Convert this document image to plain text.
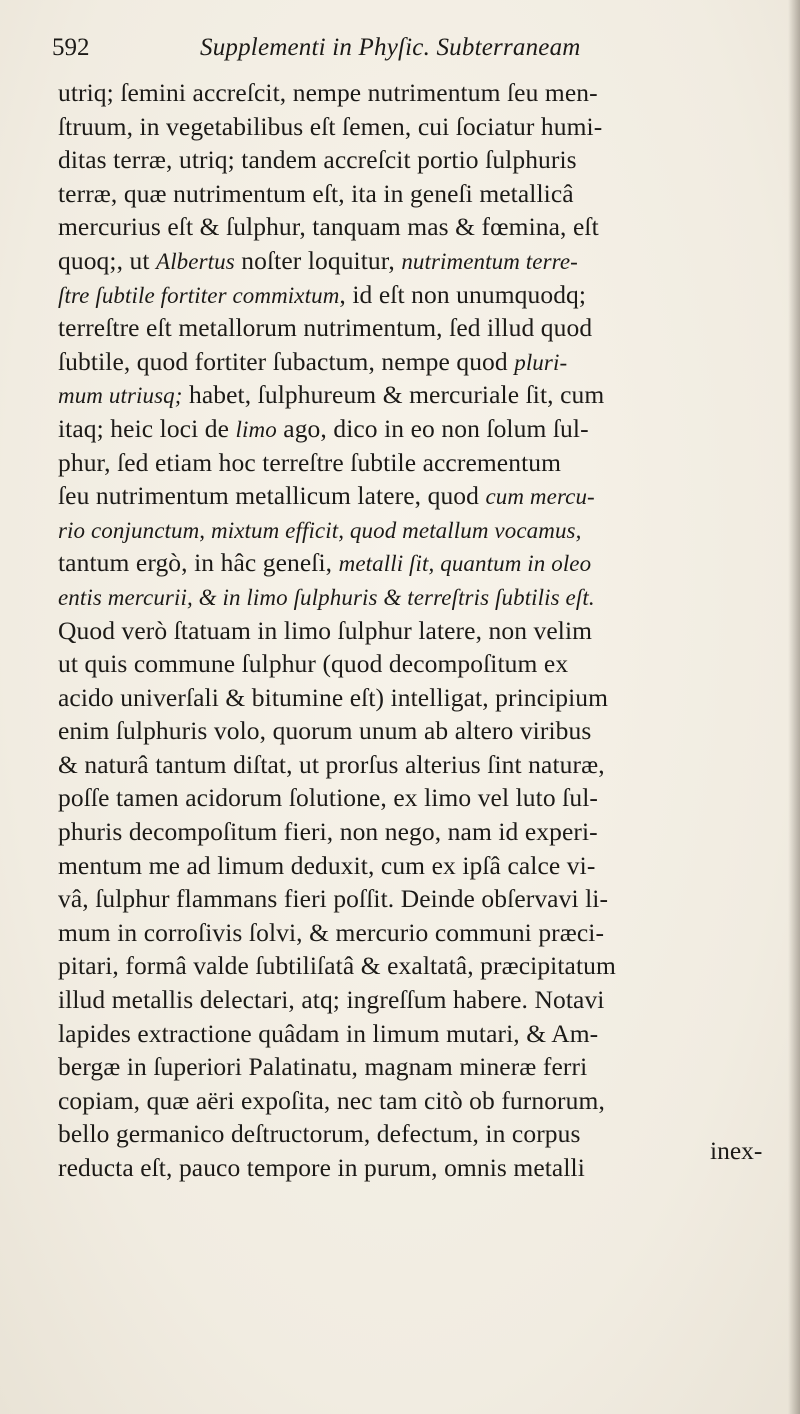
592	Supplementi in Phyſic. Subterraneam
utriq; ſemini accreſcit, nempe nutrimentum ſeu men-
ſtruum, in vegetabilibus eſt ſemen, cui ſociatur humi-
ditas terræ, utriq; tandem accreſcit portio ſulphuris
terræ, quæ nutrimentum eſt, ita in geneſi metallicâ
mercurius eſt & ſulphur, tanquam mas & fœmina, eſt
quoq;, ut Albertus noſter loquitur, nutrimentum terre-
ſtre ſubtile fortiter commixtum, id eſt non unumquodq;
terreſtre eſt metallorum nutrimentum, ſed illud quod
ſubtile, quod fortiter ſubactum, nempe quod pluri-
mum utriusq; habet, ſulphureum & mercuriale ſit, cum
itaq; heic loci de limo ago, dico in eo non ſolum ſul-
phur, ſed etiam hoc terreſtre ſubtile accrementum
ſeu nutrimentum metallicum latere, quod cum mercu-
rio conjunctum, mixtum efficit, quod metallum vocamus,
tantum ergò, in hâc geneſi, metalli ſit, quantum in oleo
entis mercurii, & in limo ſulphuris & terreſtris ſubtilis eſt.
Quod verò ſtatuam in limo ſulphur latere, non velim
ut quis commune ſulphur (quod decompoſitum ex
acido univerſali & bitumine eſt) intelligat, principium
enim ſulphuris volo, quorum unum ab altero viribus
& naturâ tantum diſtat, ut prorſus alterius ſint naturæ,
poſſe tamen acidorum ſolutione, ex limo vel luto ſul-
phuris decompoſitum fieri, non nego, nam id experi-
mentum me ad limum deduxit, cum ex ipſâ calce vi-
vâ, ſulphur flammans fieri poſſit. Deinde obſervavi li-
mum in corroſivis ſolvi, & mercurio communi præci-
pitari, formâ valde ſubtiliſatâ & exaltatâ, præcipitatum
illud metallis delectari, atq; ingreſſum habere. Notavi
lapides extractione quâdam in limum mutari, & Am-
bergæ in ſuperiori Palatinatu, magnam mineræ ferri
copiam, quæ aëri expoſita, nec tam citò ob furnorum,
bello germanico deſtructorum, defectum, in corpus
reducta eſt, pauco tempore in purum, omnis metalli
inex-
